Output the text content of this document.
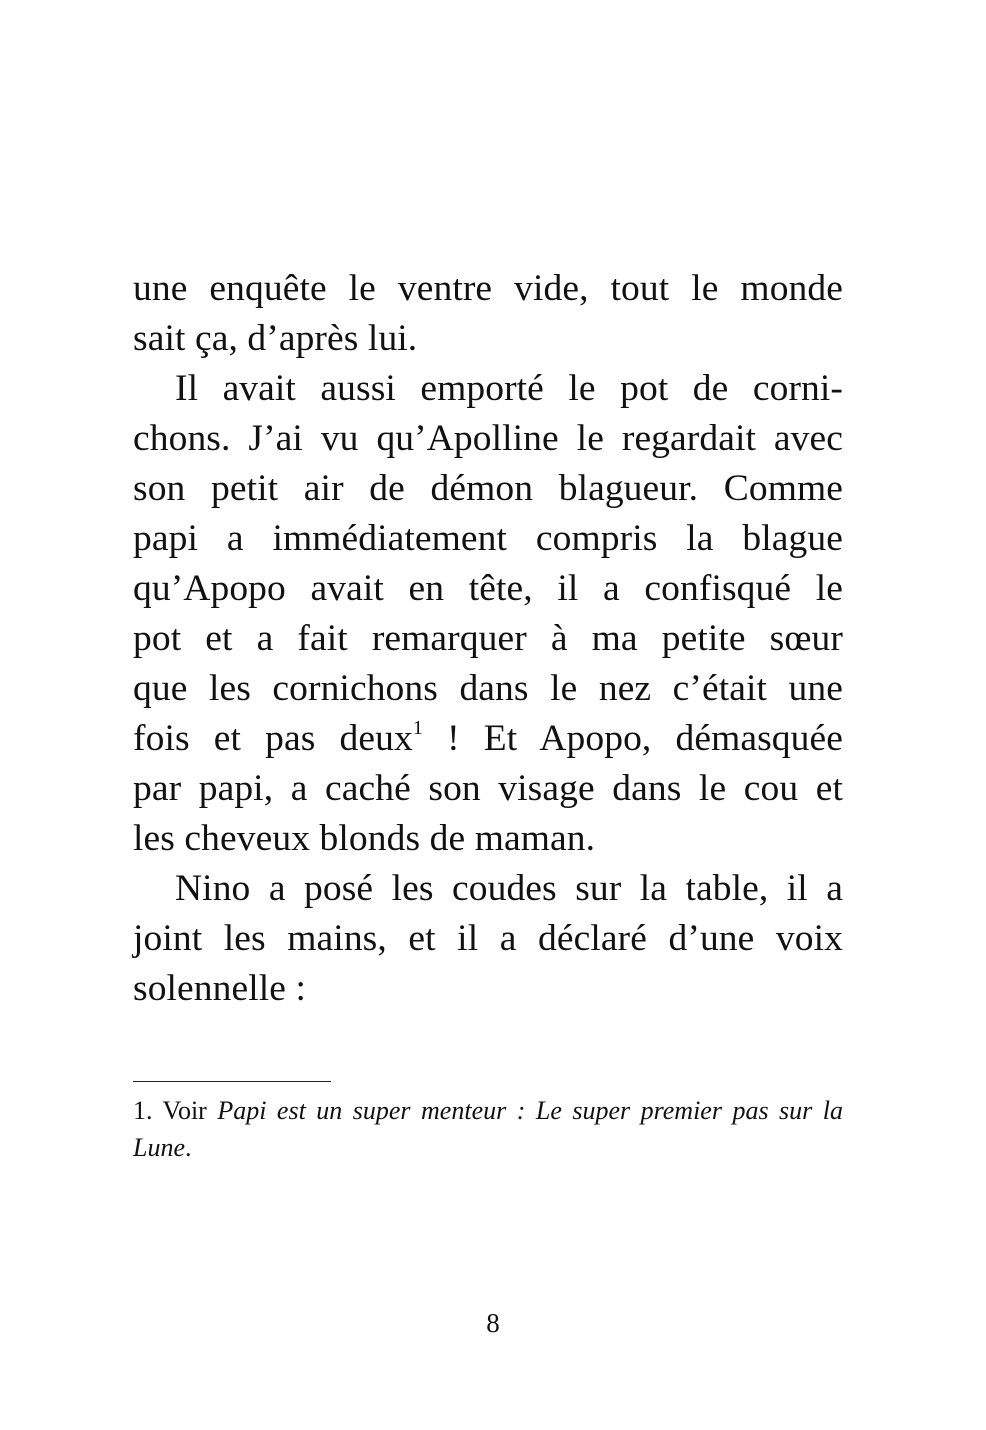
une enquête le ventre vide, tout le monde
sait ça, d’après lui.
Il avait aussi emporté le pot de corni-
chons. J’ai vu qu’Apolline le regardait avec
son petit air de démon blagueur. Comme
papi a immédiatement compris la blague
qu’Apopo avait en tête, il a confisqué le
pot et a fait remarquer à ma petite sœur
que les cornichons dans le nez c’était une
fois et pas deux$^1$ ! Et Apopo, démasquée
par papi, a caché son visage dans le cou et
les cheveux blonds de maman.
Nino a posé les coudes sur la table, il a
joint les mains, et il a déclaré d’une voix
solennelle :
1. Voir Papi est un super menteur : Le super premier pas sur la
Lune.
8
